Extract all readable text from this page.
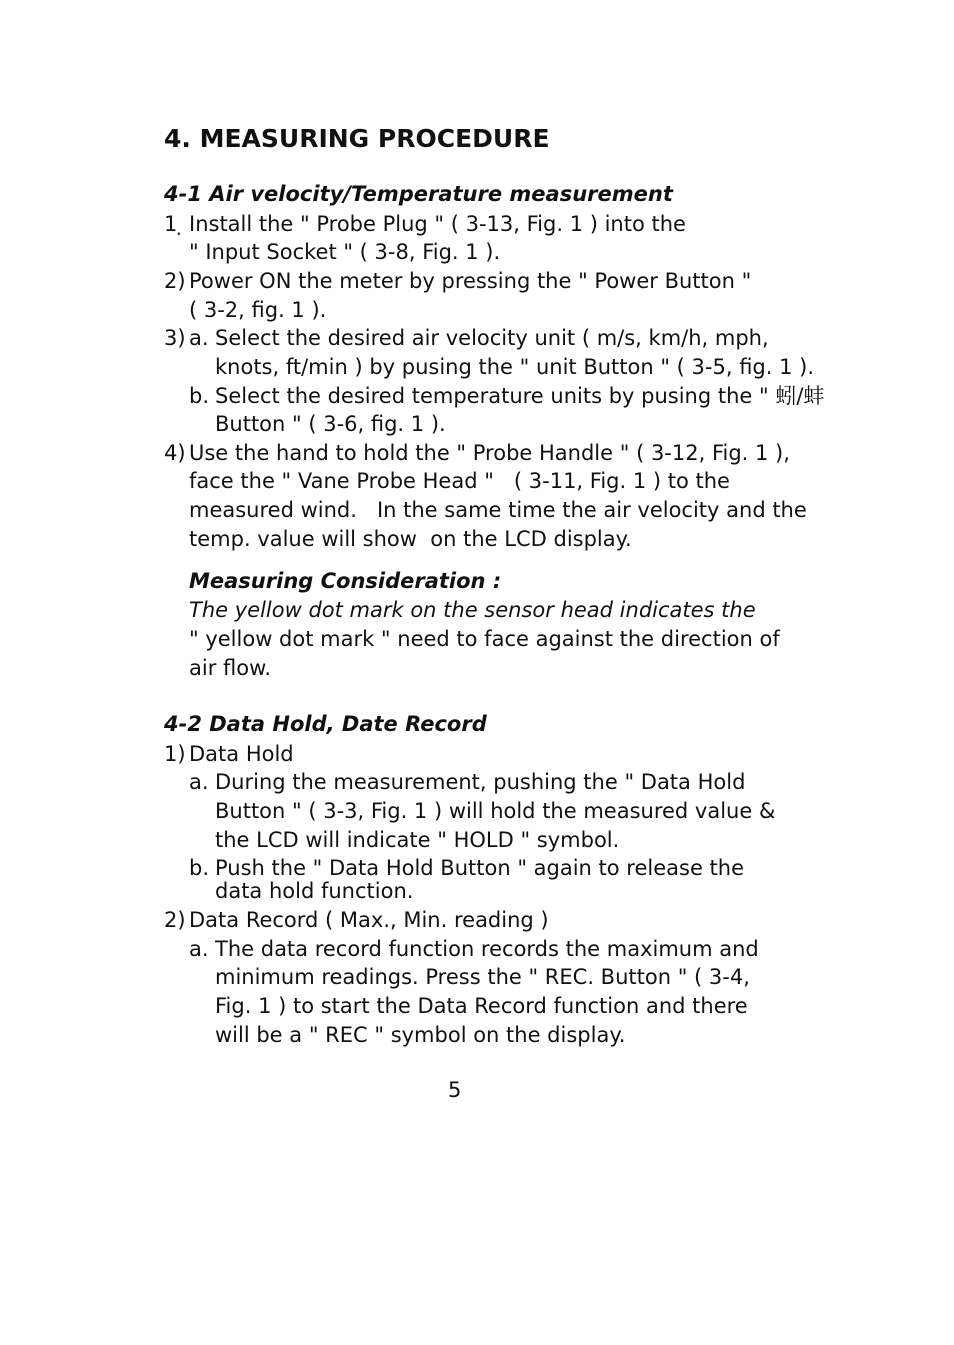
4. MEASURING PROCEDURE
4-1 Air velocity/Temperature measurement
1 ̣ Install the " Probe Plug " ( 3-13, Fig. 1 ) into the
" Input Socket " ( 3-8, Fig. 1 ).
2) Power ON the meter by pressing the " Power Button "
( 3-2, fig. 1 ).
3) a. Select the desired air velocity unit ( m/s, km/h, mph,
knots, ft/min ) by pusing the " unit Button " ( 3-5, fig. 1 ).
b. Select the desired temperature units by pusing the " 蚓/蚌
Button " ( 3-6, fig. 1 ).
4) Use the hand to hold the " Probe Handle " ( 3-12, Fig. 1 ),
face the " Vane Probe Head "   ( 3-11, Fig. 1 ) to the
measured wind.   In the same time the air velocity and the
temp. value will show  on the LCD display.
Measuring Consideration :
The yellow dot mark on the sensor head indicates the
" yellow dot mark " need to face against the direction of
air flow.
4-2 Data Hold, Date Record
1) Data Hold
a. During the measurement, pushing the " Data Hold
Button " ( 3-3, Fig. 1 ) will hold the measured value &
the LCD will indicate " HOLD " symbol.
b. Push the " Data Hold Button " again to release the
data hold function.
2) Data Record ( Max., Min. reading )
a. The data record function records the maximum and
minimum readings. Press the " REC. Button " ( 3-4,
Fig. 1 ) to start the Data Record function and there
will be a " REC " symbol on the display.
5
